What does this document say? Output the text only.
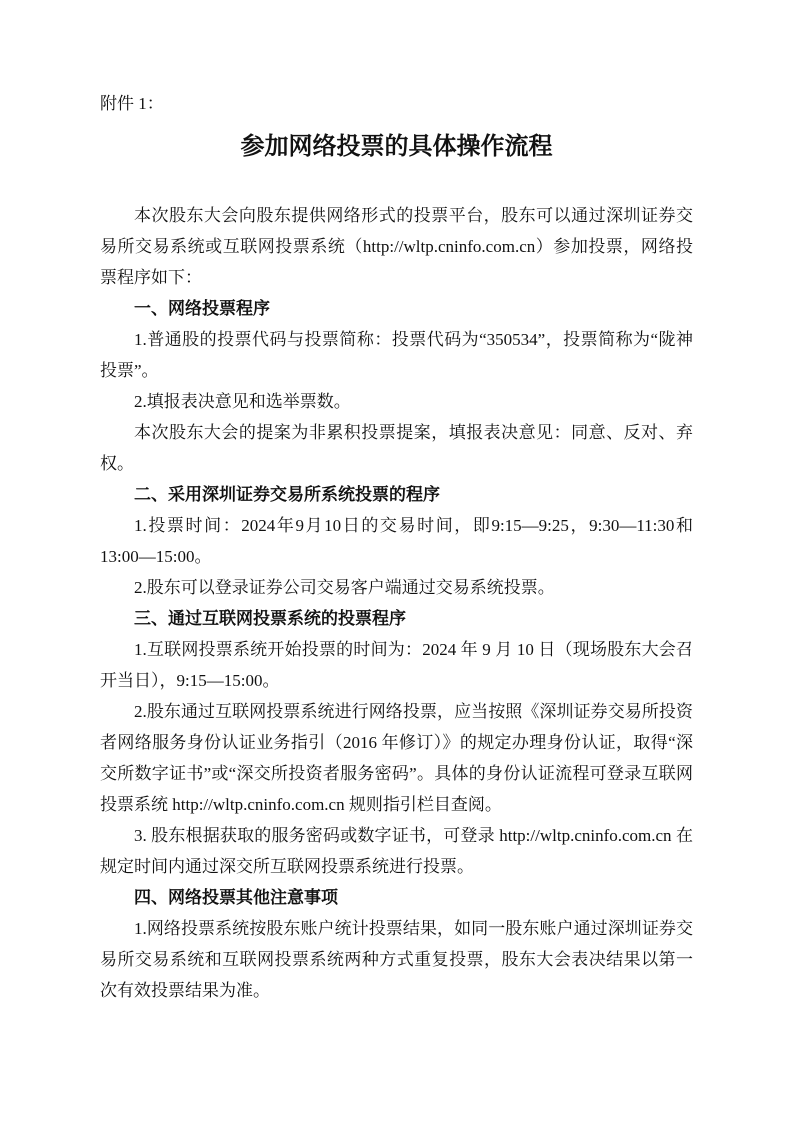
附件 1：
参加网络投票的具体操作流程

本次股东大会向股东提供网络形式的投票平台，股东可以通过深圳证券交易所交易系统或互联网投票系统（http://wltp.cninfo.com.cn）参加投票，网络投票程序如下：

一、网络投票程序

1.普通股的投票代码与投票简称：投票代码为“350534”，投票简称为“陇神投票”。

2.填报表决意见和选举票数。

本次股东大会的提案为非累积投票提案，填报表决意见：同意、反对、弃权。

二、采用深圳证券交易所系统投票的程序

1.投票时间：2024年9月10日的交易时间，即9:15—9:25，9:30—11:30和13:00—15:00。

2.股东可以登录证券公司交易客户端通过交易系统投票。

三、通过互联网投票系统的投票程序

1.互联网投票系统开始投票的时间为：2024 年 9 月 10 日（现场股东大会召开当日），9:15—15:00。

2.股东通过互联网投票系统进行网络投票，应当按照《深圳证券交易所投资者网络服务身份认证业务指引（2016 年修订）》的规定办理身份认证，取得“深交所数字证书”或“深交所投资者服务密码”。具体的身份认证流程可登录互联网投票系统 http://wltp.cninfo.com.cn 规则指引栏目查阅。

3. 股东根据获取的服务密码或数字证书，可登录 http://wltp.cninfo.com.cn 在规定时间内通过深交所互联网投票系统进行投票。

四、网络投票其他注意事项

1.网络投票系统按股东账户统计投票结果，如同一股东账户通过深圳证券交易所交易系统和互联网投票系统两种方式重复投票，股东大会表决结果以第一次有效投票结果为准。
